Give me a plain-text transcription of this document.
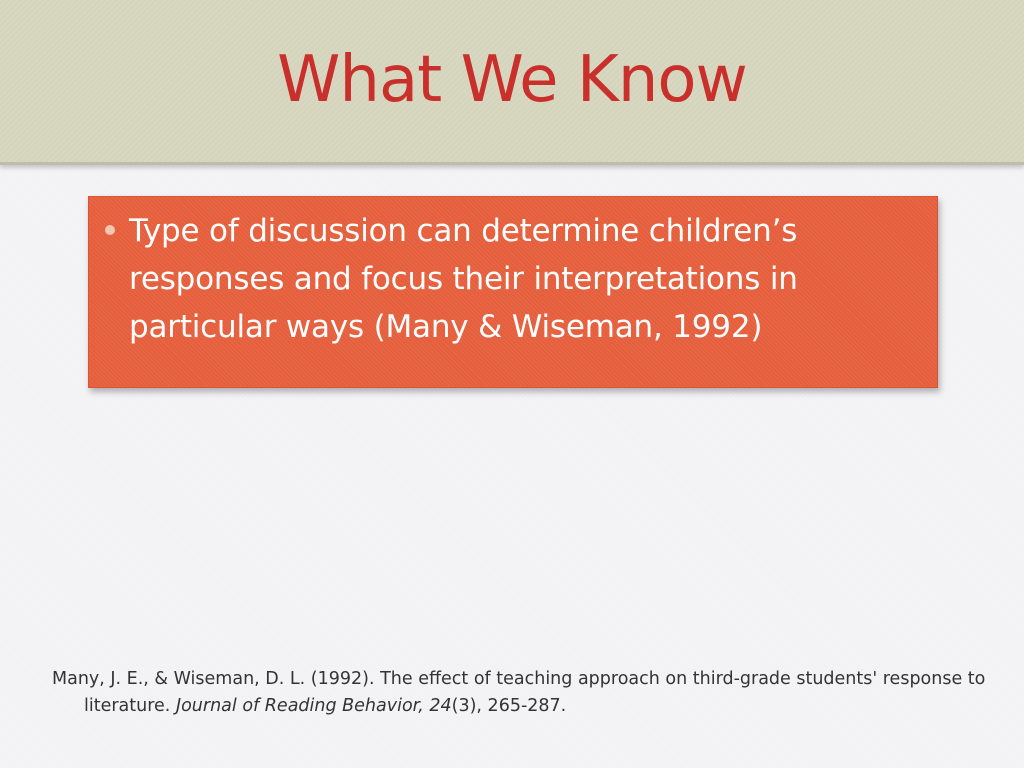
What We Know
Type of discussion can determine children’s responses and focus their interpretations in particular ways (Many & Wiseman, 1992)
Many, J. E., & Wiseman, D. L. (1992). The effect of teaching approach on third-grade students' response to literature. Journal of Reading Behavior, 24(3), 265-287.
